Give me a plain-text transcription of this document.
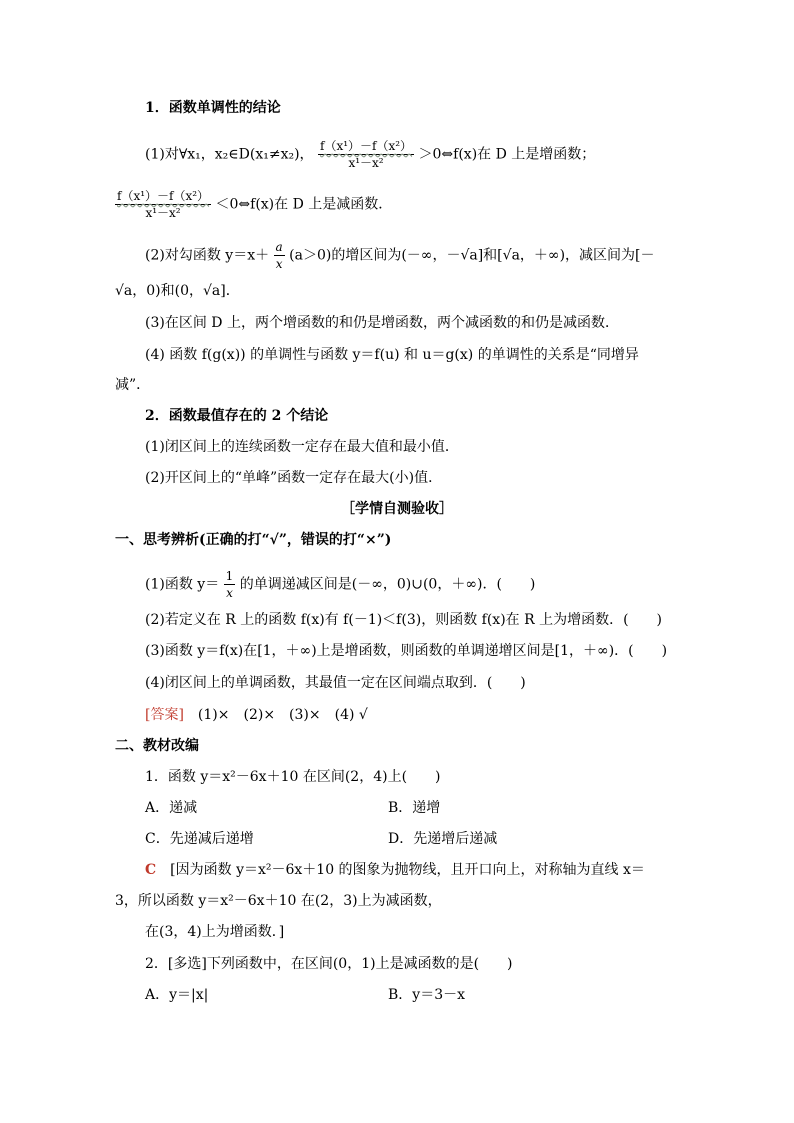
1．函数单调性的结论
(1)对∀x₁，x₂∈D(x₁≠x₂)， $\frac{\text{f（x¹）－f（x²）}}{\text{x¹－x²}}$ ＞0⇔f(x)在 D 上是增函数；
$\frac{\text{f（x¹）－f（x²）}}{\text{x¹－x²}}$ ＜0⇔f(x)在 D 上是减函数．
(2)对勾函数 $y=x+ \frac{a}{x} (a>0)$的增区间为(－∞，－√a]和[√a，＋∞)，减区间为[－
√a，0)和(0，√a]．
(3)在区间 D 上，两个增函数的和仍是增函数，两个减函数的和仍是减函数．
(4) 函数 f(g(x)) 的单调性与函数 y＝f(u) 和 u＝g(x) 的单调性的关系是“同增异
减”．
2．函数最值存在的 2 个结论
(1)闭区间上的连续函数一定存在最大值和最小值．
(2)开区间上的“单峰”函数一定存在最大(小)值．
［学情自测验收］
一、思考辨析(正确的打“√”，错误的打“×”)
(1)函数 $y= \frac{1}{x}$ 的单调递减区间是(－∞，0)∪(0，＋∞)．(　　)
(2)若定义在 R 上的函数 f(x)有 f(－1)＜f(3)，则函数 f(x)在 R 上为增函数．(　　)
(3)函数 y＝f(x)在[1，＋∞)上是增函数，则函数的单调递增区间是[1，＋∞)．(　　)
(4)闭区间上的单调函数，其最值一定在区间端点取到．(　　)
[答案]　(1)×　(2)×　(3)×　(4) √
二、教材改编
1．函数 y＝x²－6x＋10 在区间(2，4)上(　　)
A．递减	B．递增
C．先递减后递增	D．先递增后递减
C　[因为函数 y＝x²－6x＋10 的图象为抛物线，且开口向上，对称轴为直线 x＝
3，所以函数 y＝x²－6x＋10 在(2，3)上为减函数，
在(3，4)上为增函数．]
2．[多选]下列函数中，在区间(0，1)上是减函数的是(　　)
A．y＝|x|	B．y＝3－x
